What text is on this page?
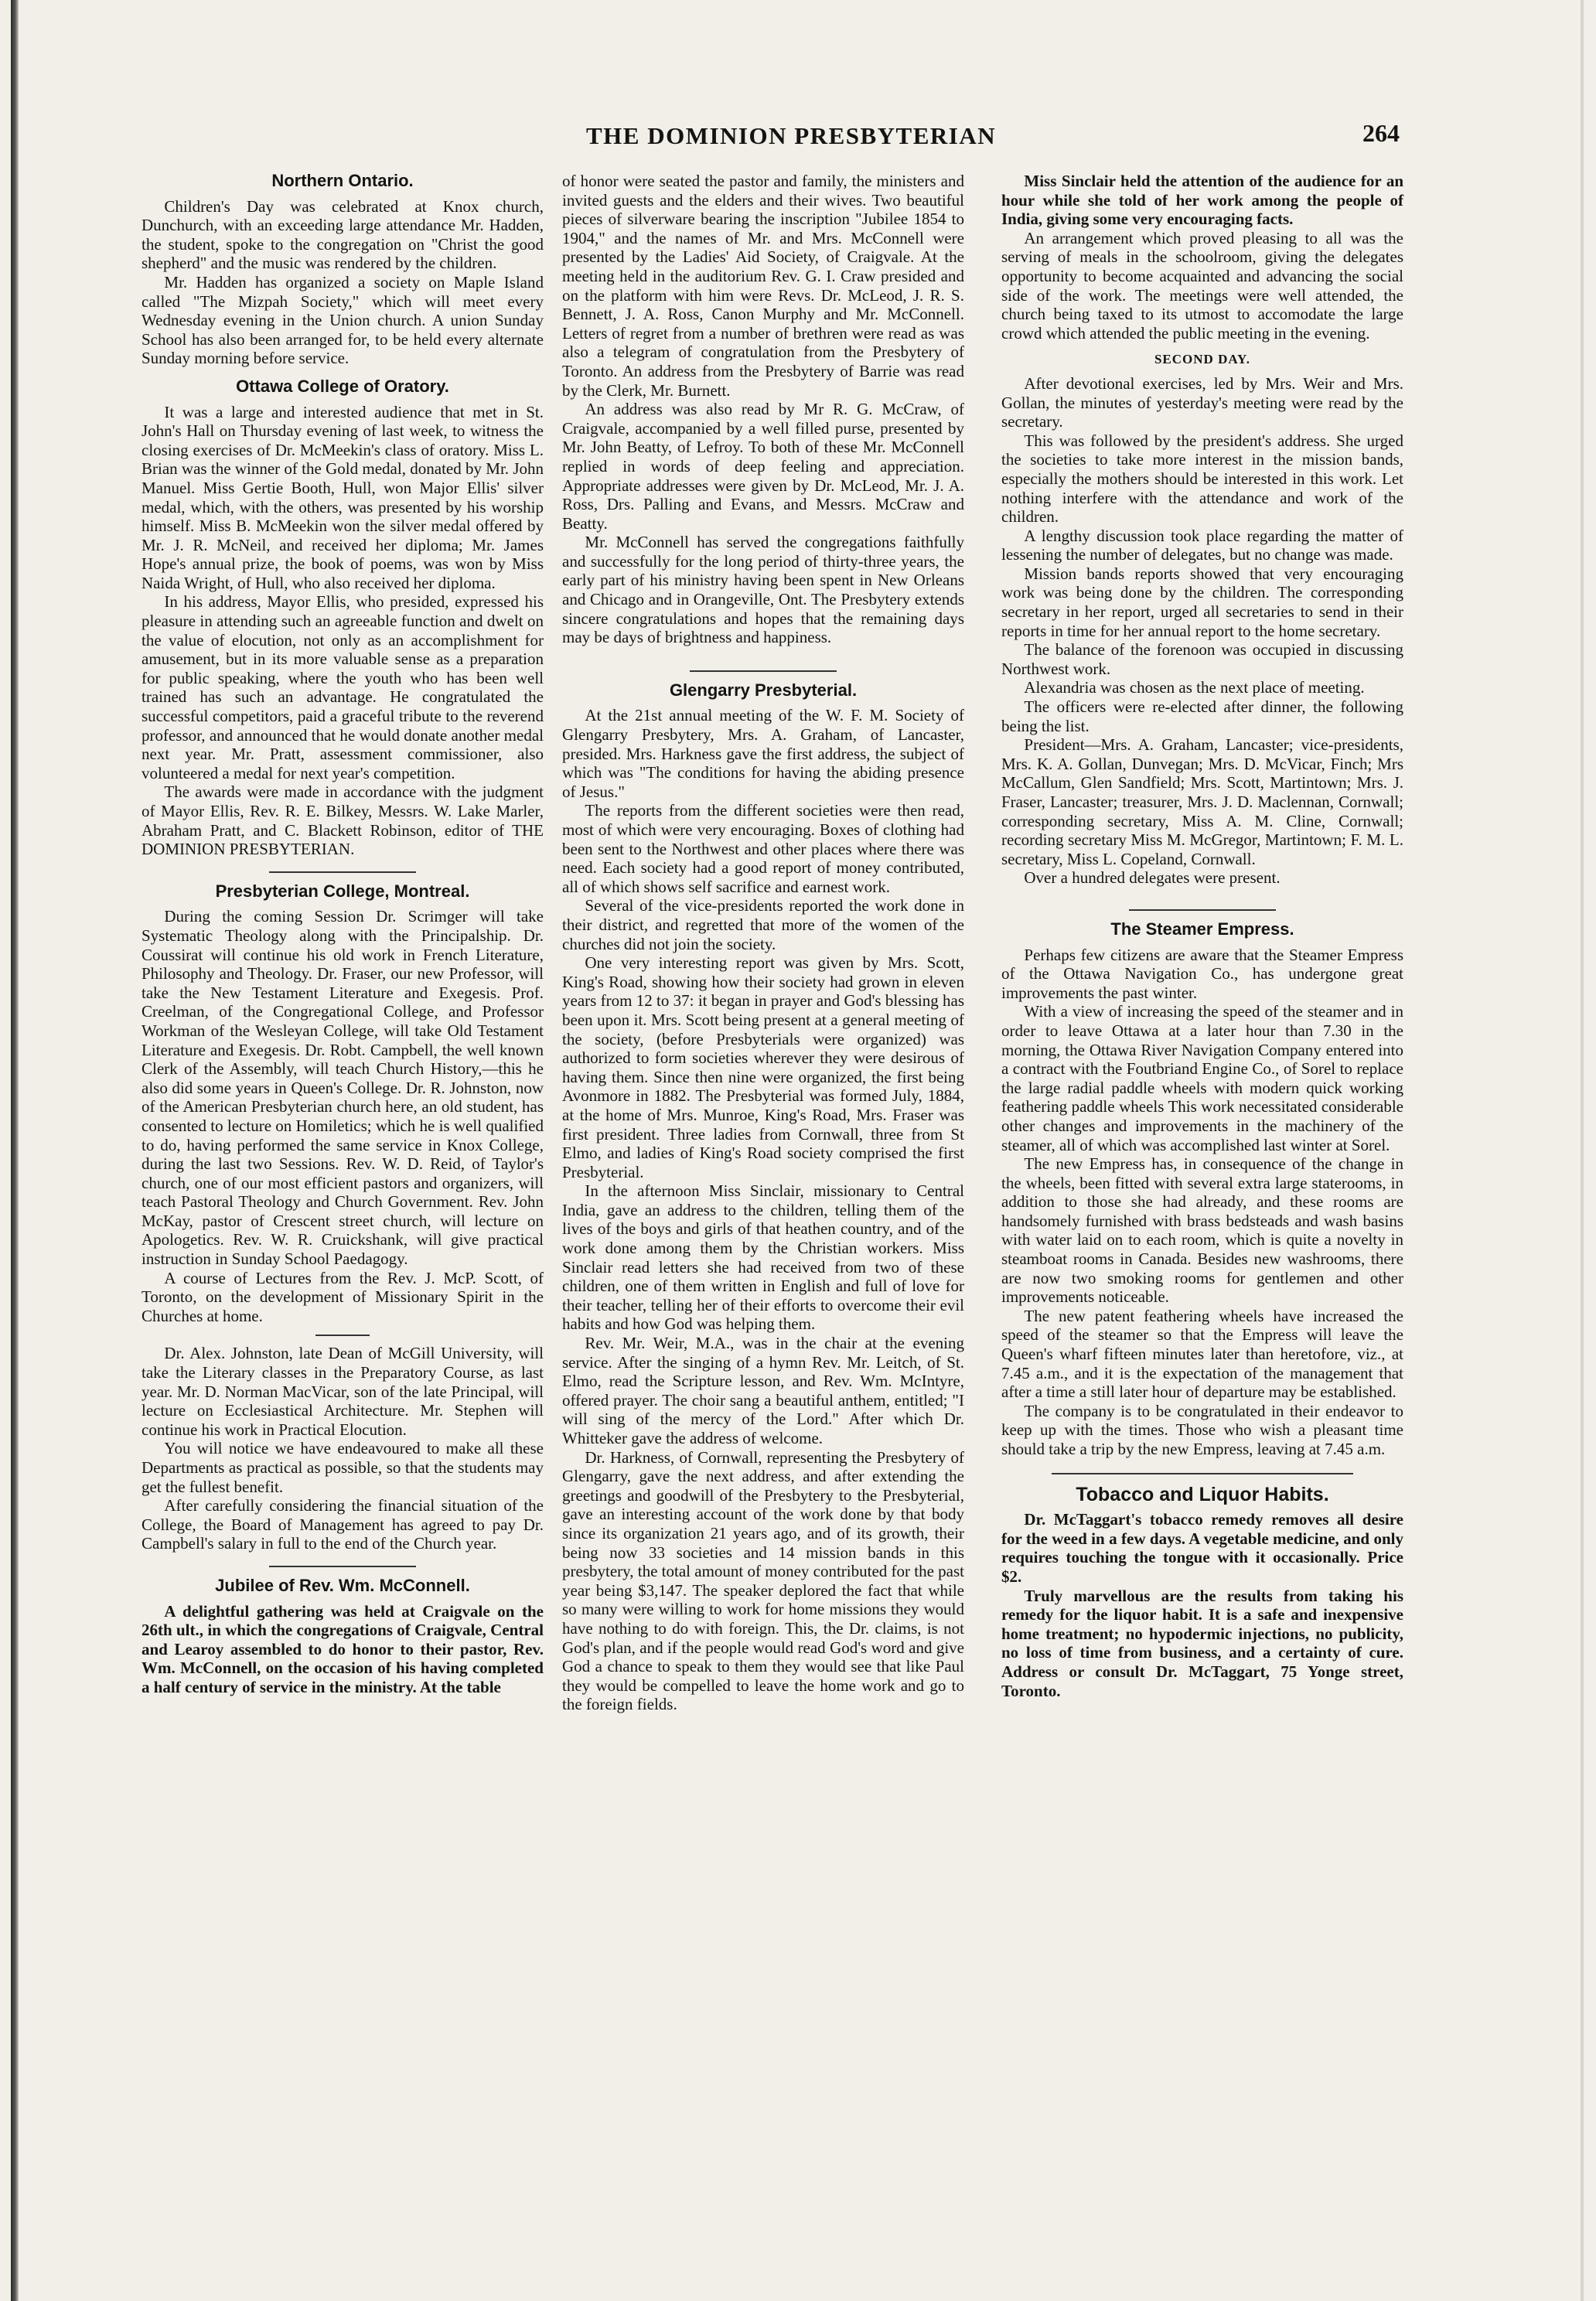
THE DOMINION PRESBYTERIAN	264
Northern Ontario.

Children's Day was celebrated at Knox church, Dunchurch, with an exceeding large attendance Mr. Hadden, the student, spoke to the congregation on "Christ the good shepherd" and the music was rendered by the children.

Mr. Hadden has organized a society on Maple Island called "The Mizpah Society," which will meet every Wednesday evening in the Union church. A union Sunday School has also been arranged for, to be held every alternate Sunday morning before service.

Ottawa College of Oratory.

It was a large and interested audience that met in St. John's Hall on Thursday evening of last week, to witness the closing exercises of Dr. McMeekin's class of oratory. Miss L. Brian was the winner of the Gold medal, donated by Mr. John Manuel. Miss Gertie Booth, Hull, won Major Ellis' silver medal, which, with the others, was presented by his worship himself. Miss B. McMeekin won the silver medal offered by Mr. J. R. McNeil, and received her diploma; Mr. James Hope's annual prize, the book of poems, was won by Miss Naida Wright, of Hull, who also received her diploma.

In his address, Mayor Ellis, who presided, expressed his pleasure in attending such an agreeable function and dwelt on the value of elocution, not only as an accomplishment for amusement, but in its more valuable sense as a preparation for public speaking, where the youth who has been well trained has such an advantage. He congratulated the successful competitors, paid a graceful tribute to the reverend professor, and announced that he would donate another medal next year. Mr. Pratt, assessment commissioner, also volunteered a medal for next year's competition.

The awards were made in accordance with the judgment of Mayor Ellis, Rev. R. E. Bilkey, Messrs. W. Lake Marler, Abraham Pratt, and C. Blackett Robinson, editor of THE DOMINION PRESBYTERIAN.

Presbyterian College, Montreal.

During the coming Session Dr. Scrimger will take Systematic Theology along with the Principalship. Dr. Coussirat will continue his old work in French Literature, Philosophy and Theology. Dr. Fraser, our new Professor, will take the New Testament Literature and Exegesis. Prof. Creelman, of the Congregational College, and Professor Workman of the Wesleyan College, will take Old Testament Literature and Exegesis. Dr. Robt. Campbell, the well known Clerk of the Assembly, will teach Church History,—this he also did some years in Queen's College. Dr. R. Johnston, now of the American Presbyterian church here, an old student, has consented to lecture on Homiletics; which he is well qualified to do, having performed the same service in Knox College, during the last two Sessions. Rev. W. D. Reid, of Taylor's church, one of our most efficient pastors and organizers, will teach Pastoral Theology and Church Government. Rev. John McKay, pastor of Crescent street church, will lecture on Apologetics. Rev. W. R. Cruickshank, will give practical instruction in Sunday School Paedagogy.

A course of Lectures from the Rev. J. McP. Scott, of Toronto, on the development of Missionary Spirit in the Churches at home.

Dr. Alex. Johnston, late Dean of McGill University, will take the Literary classes in the Preparatory Course, as last year. Mr. D. Norman MacVicar, son of the late Principal, will lecture on Ecclesiastical Architecture. Mr. Stephen will continue his work in Practical Elocution.

You will notice we have endeavoured to make all these Departments as practical as possible, so that the students may get the fullest benefit.

After carefully considering the financial situation of the College, the Board of Management has agreed to pay Dr. Campbell's salary in full to the end of the Church year.

Jubilee of Rev. Wm. McConnell.

A delightful gathering was held at Craigvale on the 26th ult., in which the congregations of Craigvale, Central and Learoy assembled to do honor to their pastor, Rev. Wm. McConnell, on the occasion of his having completed a half century of service in the ministry. At the table

of honor were seated the pastor and family, the ministers and invited guests and the elders and their wives. Two beautiful pieces of silverware bearing the inscription "Jubilee 1854 to 1904," and the names of Mr. and Mrs. McConnell were presented by the Ladies' Aid Society, of Craigvale. At the meeting held in the auditorium Rev. G. I. Craw presided and on the platform with him were Revs. Dr. McLeod, J. R. S. Bennett, J. A. Ross, Canon Murphy and Mr. McConnell. Letters of regret from a number of brethren were read as was also a telegram of congratulation from the Presbytery of Toronto. An address from the Presbytery of Barrie was read by the Clerk, Mr. Burnett.

An address was also read by Mr R. G. McCraw, of Craigvale, accompanied by a well filled purse, presented by Mr. John Beatty, of Lefroy. To both of these Mr. McConnell replied in words of deep feeling and appreciation. Appropriate addresses were given by Dr. McLeod, Mr. J. A. Ross, Drs. Palling and Evans, and Messrs. McCraw and Beatty.

Mr. McConnell has served the congregations faithfully and successfully for the long period of thirty-three years, the early part of his ministry having been spent in New Orleans and Chicago and in Orangeville, Ont. The Presbytery extends sincere congratulations and hopes that the remaining days may be days of brightness and happiness.

Glengarry Presbyterial.

At the 21st annual meeting of the W. F. M. Society of Glengarry Presbytery, Mrs. A. Graham, of Lancaster, presided. Mrs. Harkness gave the first address, the subject of which was "The conditions for having the abiding presence of Jesus."

The reports from the different societies were then read, most of which were very encouraging. Boxes of clothing had been sent to the Northwest and other places where there was need. Each society had a good report of money contributed, all of which shows self sacrifice and earnest work.

Several of the vice-presidents reported the work done in their district, and regretted that more of the women of the churches did not join the society.

One very interesting report was given by Mrs. Scott, King's Road, showing how their society had grown in eleven years from 12 to 37: it began in prayer and God's blessing has been upon it. Mrs. Scott being present at a general meeting of the society, (before Presbyterials were organized) was authorized to form societies wherever they were desirous of having them. Since then nine were organized, the first being Avonmore in 1882. The Presbyterial was formed July, 1884, at the home of Mrs. Munroe, King's Road, Mrs. Fraser was first president. Three ladies from Cornwall, three from St Elmo, and ladies of King's Road society comprised the first Presbyterial.

In the afternoon Miss Sinclair, missionary to Central India, gave an address to the children, telling them of the lives of the boys and girls of that heathen country, and of the work done among them by the Christian workers. Miss Sinclair read letters she had received from two of these children, one of them written in English and full of love for their teacher, telling her of their efforts to overcome their evil habits and how God was helping them.

Rev. Mr. Weir, M.A., was in the chair at the evening service. After the singing of a hymn Rev. Mr. Leitch, of St. Elmo, read the Scripture lesson, and Rev. Wm. McIntyre, offered prayer. The choir sang a beautiful anthem, entitled; "I will sing of the mercy of the Lord." After which Dr. Whitteker gave the address of welcome.

Dr. Harkness, of Cornwall, representing the Presbytery of Glengarry, gave the next address, and after extending the greetings and goodwill of the Presbytery to the Presbyterial, gave an interesting account of the work done by that body since its organization 21 years ago, and of its growth, their being now 33 societies and 14 mission bands in this presbytery, the total amount of money contributed for the past year being $3,147. The speaker deplored the fact that while so many were willing to work for home missions they would have nothing to do with foreign. This, the Dr. claims, is not God's plan, and if the people would read God's word and give God a chance to speak to them they would see that like Paul they would be compelled to leave the home work and go to the foreign fields.

Miss Sinclair held the attention of the audience for an hour while she told of her work among the people of India, giving some very encouraging facts.

An arrangement which proved pleasing to all was the serving of meals in the schoolroom, giving the delegates opportunity to become acquainted and advancing the social side of the work. The meetings were well attended, the church being taxed to its utmost to accomodate the large crowd which attended the public meeting in the evening.

SECOND DAY.

After devotional exercises, led by Mrs. Weir and Mrs. Gollan, the minutes of yesterday's meeting were read by the secretary.

This was followed by the president's address. She urged the societies to take more interest in the mission bands, especially the mothers should be interested in this work. Let nothing interfere with the attendance and work of the children.

A lengthy discussion took place regarding the matter of lessening the number of delegates, but no change was made.

Mission bands reports showed that very encouraging work was being done by the children. The corresponding secretary in her report, urged all secretaries to send in their reports in time for her annual report to the home secretary.

The balance of the forenoon was occupied in discussing Northwest work.

Alexandria was chosen as the next place of meeting.

The officers were re-elected after dinner, the following being the list.

President—Mrs. A. Graham, Lancaster; vice-presidents, Mrs. K. A. Gollan, Dunvegan; Mrs. D. McVicar, Finch; Mrs McCallum, Glen Sandfield; Mrs. Scott, Martintown; Mrs. J. Fraser, Lancaster; treasurer, Mrs. J. D. Maclennan, Cornwall; corresponding secretary, Miss A. M. Cline, Cornwall; recording secretary Miss M. McGregor, Martintown; F. M. L. secretary, Miss L. Copeland, Cornwall.

Over a hundred delegates were present.

The Steamer Empress.

Perhaps few citizens are aware that the Steamer Empress of the Ottawa Navigation Co., has undergone great improvements the past winter.

With a view of increasing the speed of the steamer and in order to leave Ottawa at a later hour than 7.30 in the morning, the Ottawa River Navigation Company entered into a contract with the Foutbriand Engine Co., of Sorel to replace the large radial paddle wheels with modern quick working feathering paddle wheels This work necessitated considerable other changes and improvements in the machinery of the steamer, all of which was accomplished last winter at Sorel.

The new Empress has, in consequence of the change in the wheels, been fitted with several extra large staterooms, in addition to those she had already, and these rooms are handsomely furnished with brass bedsteads and wash basins with water laid on to each room, which is quite a novelty in steamboat rooms in Canada. Besides new washrooms, there are now two smoking rooms for gentlemen and other improvements noticeable.

The new patent feathering wheels have increased the speed of the steamer so that the Empress will leave the Queen's wharf fifteen minutes later than heretofore, viz., at 7.45 a.m., and it is the expectation of the management that after a time a still later hour of departure may be established.

The company is to be congratulated in their endeavor to keep up with the times. Those who wish a pleasant time should take a trip by the new Empress, leaving at 7.45 a.m.

Tobacco and Liquor Habits.

Dr. McTaggart's tobacco remedy removes all desire for the weed in a few days. A vegetable medicine, and only requires touching the tongue with it occasionally. Price $2.

Truly marvellous are the results from taking his remedy for the liquor habit. It is a safe and inexpensive home treatment; no hypodermic injections, no publicity, no loss of time from business, and a certainty of cure. Address or consult Dr. McTaggart, 75 Yonge street, Toronto.
